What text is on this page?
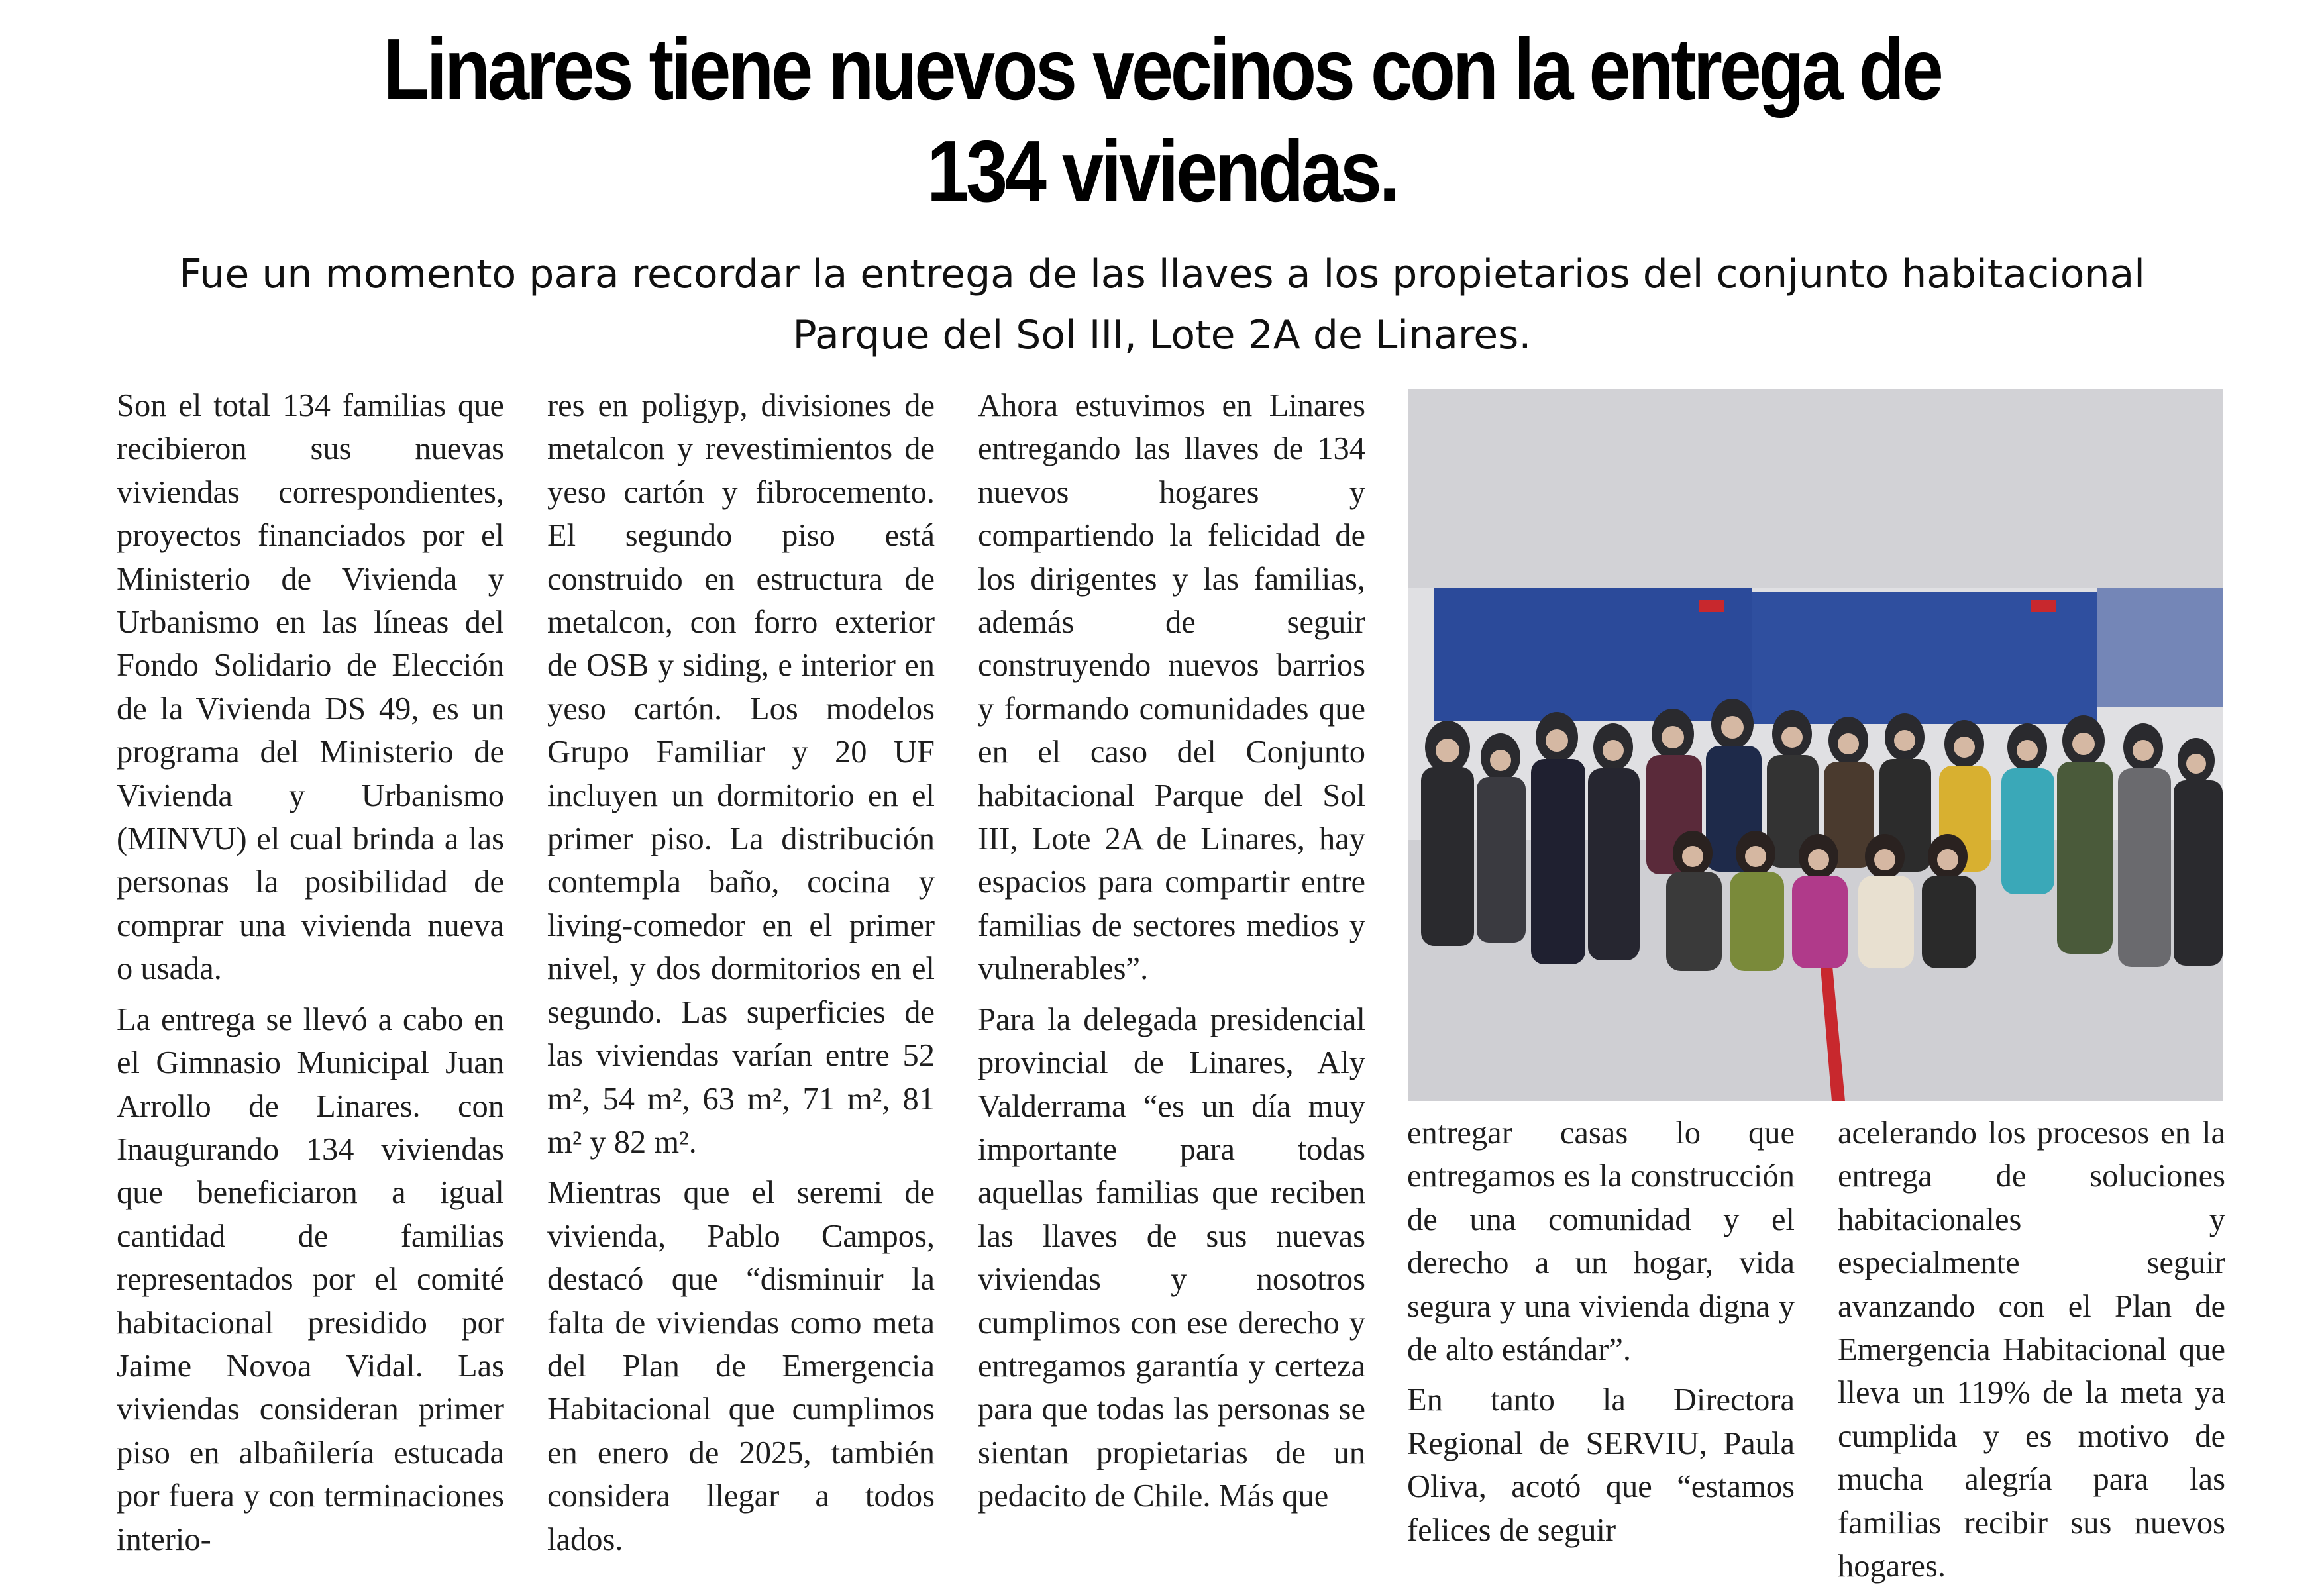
Linares tiene nuevos vecinos con la entrega de
134 viviendas.
Fue un momento para recordar la entrega de las llaves a los propietarios del conjunto habitacional
Parque del Sol III, Lote 2A de Linares.

Son el total 134 familias que recibieron sus nuevas viviendas correspondientes, proyectos financiados por el Ministerio de Vivienda y Urbanismo en las líneas del Fondo Solidario de Elección de la Vivienda DS 49, es un programa del Ministerio de Vivienda y Urbanismo (MINVU) el cual brinda a las personas la posibilidad de comprar una vivienda nueva o usada.

La entrega se llevó a cabo en el Gimnasio Municipal Juan Arrollo de Linares. con Inaugurando 134 viviendas que beneficiaron a igual cantidad de familias representados por el comité habitacional presidido por Jaime Novoa Vidal. Las viviendas consideran primer piso en albañilería estucada por fuera y con terminaciones interio-

res en poligyp, divisiones de metalcon y revestimientos de yeso cartón y fibrocemento. El segundo piso está construido en estructura de metalcon, con forro exterior de OSB y siding, e interior en yeso cartón. Los modelos Grupo Familiar y 20 UF incluyen un dormitorio en el primer piso. La distribución contempla baño, cocina y living-comedor en el primer nivel, y dos dormitorios en el segundo. Las superficies de las viviendas varían entre 52 m², 54 m², 63 m², 71 m², 81 m² y 82 m².

Mientras que el seremi de vivienda, Pablo Campos, destacó que “disminuir la falta de viviendas como meta del Plan de Emergencia Habitacional que cumplimos en enero de 2025, también considera llegar a todos lados.

Ahora estuvimos en Linares entregando las llaves de 134 nuevos hogares y compartiendo la felicidad de los dirigentes y las familias, además de seguir construyendo nuevos barrios y formando comunidades que en el caso del Conjunto habitacional Parque del Sol III, Lote 2A de Linares, hay espacios para compartir entre familias de sectores medios y vulnerables”.

Para la delegada presidencial provincial de Linares, Aly Valderrama “es un día muy importante para todas aquellas familias que reciben las llaves de sus nuevas viviendas y nosotros cumplimos con ese derecho y entregamos garantía y certeza para que todas las personas se sientan propietarias de un pedacito de Chile. Más que

entregar casas lo que entregamos es la construcción de una comunidad y el derecho a un hogar, vida segura y una vivienda digna y de alto estándar”.

En tanto la Directora Regional de SERVIU, Paula Oliva, acotó que “estamos felices de seguir

acelerando los procesos en la entrega de soluciones habitacionales y especialmente seguir avanzando con el Plan de Emergencia Habitacional que lleva un 119% de la meta ya cumplida y es motivo de mucha alegría para las familias recibir sus nuevos hogares.
